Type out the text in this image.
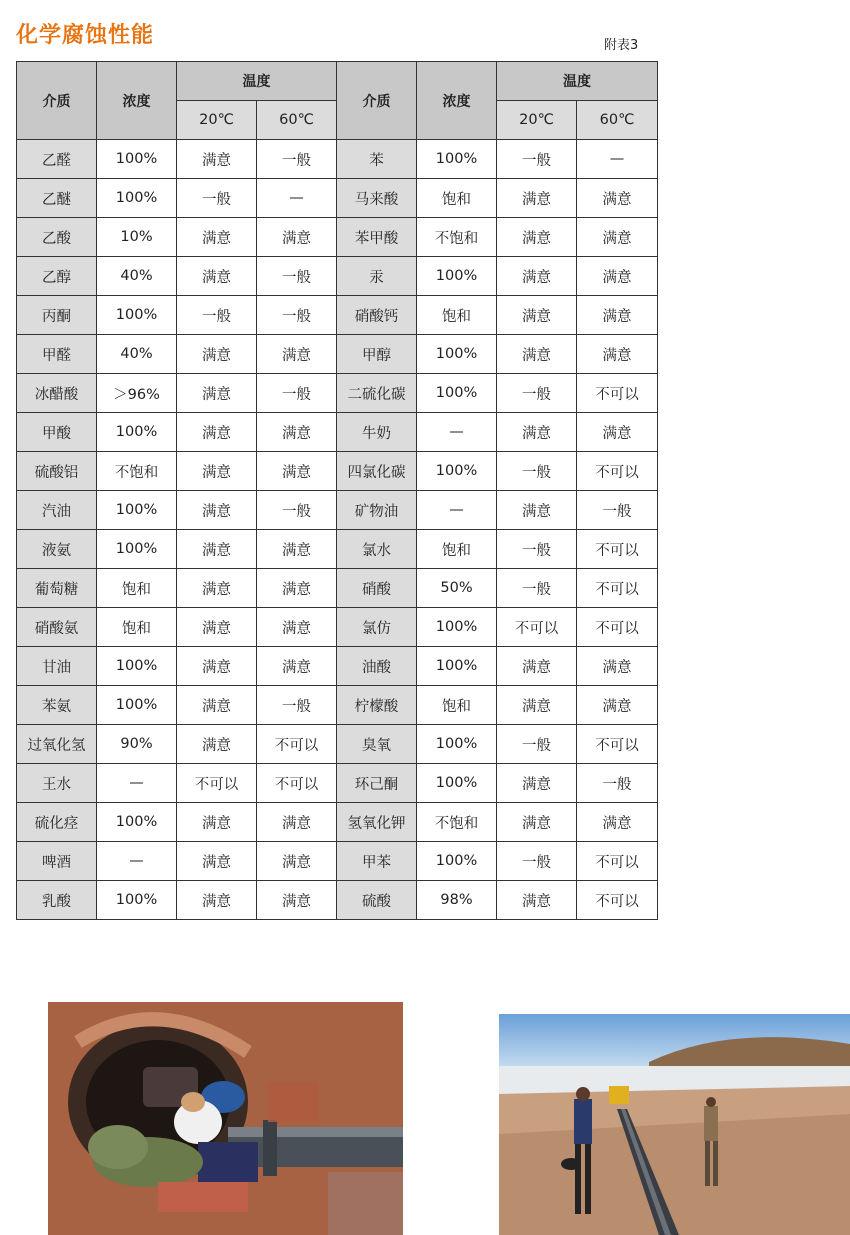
化学腐蚀性能	附表3
介质	浓度	温度		介质	浓度	温度	
		20℃	60℃			20℃	60℃
乙醛	100%	满意	一般	苯	100%	一般	—
乙醚	100%	一般	—	马来酸	饱和	满意	满意
乙酸	10%	满意	满意	苯甲酸	不饱和	满意	满意
乙醇	40%	满意	一般	汞	100%	满意	满意
丙酮	100%	一般	一般	硝酸钙	饱和	满意	满意
甲醛	40%	满意	满意	甲醇	100%	满意	满意
冰醋酸	＞96%	满意	一般	二硫化碳	100%	一般	不可以
甲酸	100%	满意	满意	牛奶	—	满意	满意
硫酸铝	不饱和	满意	满意	四氯化碳	100%	一般	不可以
汽油	100%	满意	一般	矿物油	—	满意	一般
液氨	100%	满意	满意	氯水	饱和	一般	不可以
葡萄糖	饱和	满意	满意	硝酸	50%	一般	不可以
硝酸氨	饱和	满意	满意	氯仿	100%	不可以	不可以
甘油	100%	满意	满意	油酸	100%	满意	满意
苯氨	100%	满意	一般	柠檬酸	饱和	满意	满意
过氧化氢	90%	满意	不可以	臭氧	100%	一般	不可以
王水	—	不可以	不可以	环己酮	100%	满意	一般
硫化痉	100%	满意	满意	氢氧化钾	不饱和	满意	满意
啤酒	—	满意	满意	甲苯	100%	一般	不可以
乳酸	100%	满意	满意	硫酸	98%	满意	不可以
